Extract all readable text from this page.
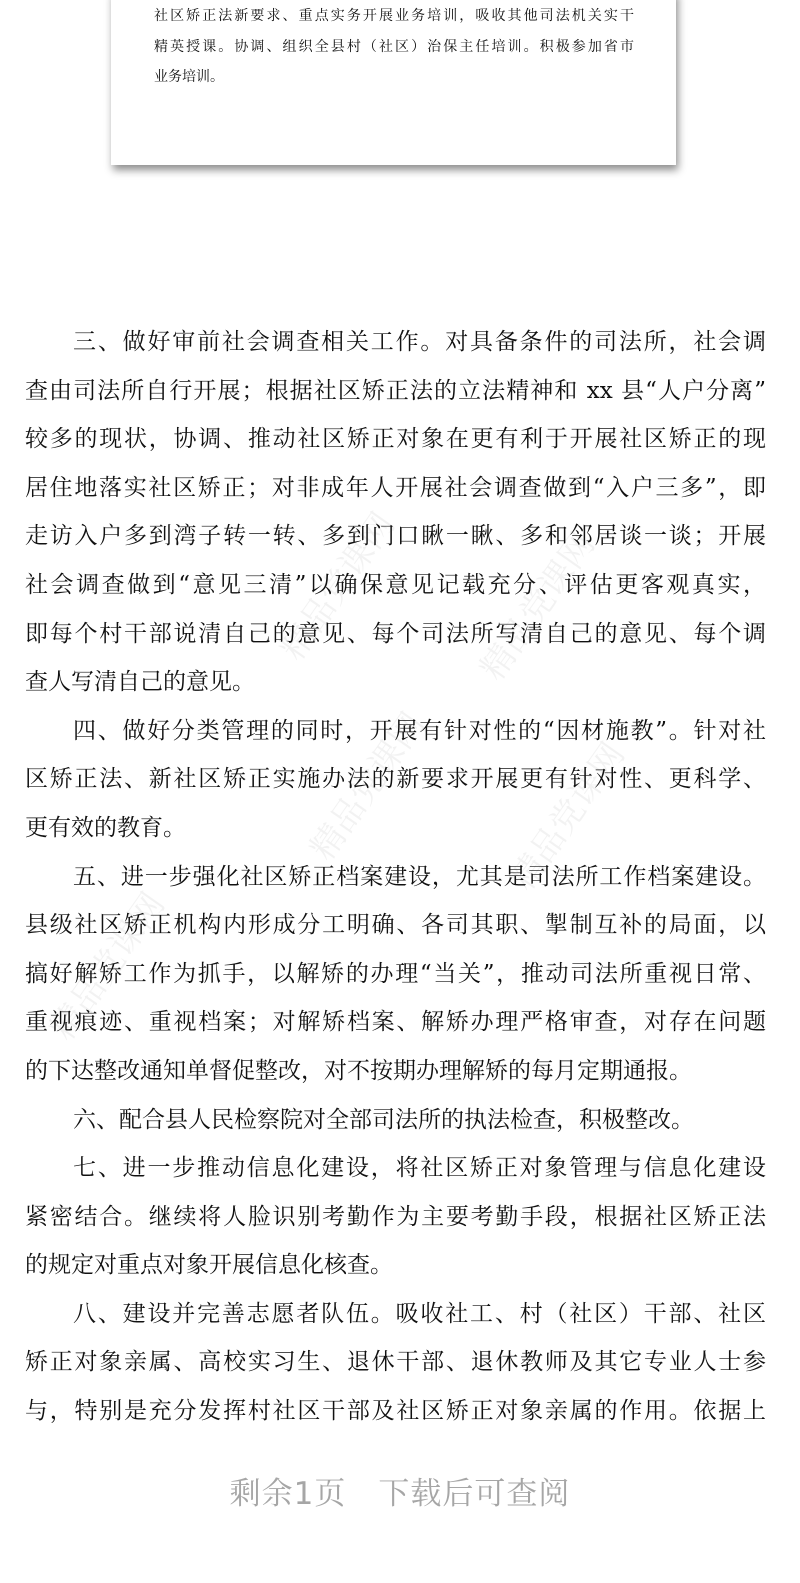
社区矫正法新要求、重点实务开展业务培训，吸收其他司法机关实干
精英授课。协调、组织全县村（社区）治保主任培训。积极参加省市
业务培训。
精品党课网 精品党课网
精品党课网 精品党课网
精品党课网
三、做好审前社会调查相关工作。对具备条件的司法所，社会调
查由司法所自行开展；根据社区矫正法的立法精神和 xx 县“人户分离”
较多的现状，协调、推动社区矫正对象在更有利于开展社区矫正的现
居住地落实社区矫正；对非成年人开展社会调查做到“入户三多”，即
走访入户多到湾子转一转、多到门口瞅一瞅、多和邻居谈一谈；开展
社会调查做到“意见三清”以确保意见记载充分、评估更客观真实，
即每个村干部说清自己的意见、每个司法所写清自己的意见、每个调
查人写清自己的意见。
四、做好分类管理的同时，开展有针对性的“因材施教”。针对社
区矫正法、新社区矫正实施办法的新要求开展更有针对性、更科学、
更有效的教育。
五、进一步强化社区矫正档案建设，尤其是司法所工作档案建设。
县级社区矫正机构内形成分工明确、各司其职、掣制互补的局面，以
搞好解矫工作为抓手，以解矫的办理“当关”，推动司法所重视日常、
重视痕迹、重视档案；对解矫档案、解矫办理严格审查，对存在问题
的下达整改通知单督促整改，对不按期办理解矫的每月定期通报。
六、配合县人民检察院对全部司法所的执法检查，积极整改。
七、进一步推动信息化建设，将社区矫正对象管理与信息化建设
紧密结合。继续将人脸识别考勤作为主要考勤手段，根据社区矫正法
的规定对重点对象开展信息化核查。
八、建设并完善志愿者队伍。吸收社工、村（社区）干部、社区
矫正对象亲属、高校实习生、退休干部、退休教师及其它专业人士参
与，特别是充分发挥村社区干部及社区矫正对象亲属的作用。依据上
剩余1页 下载后可查阅
